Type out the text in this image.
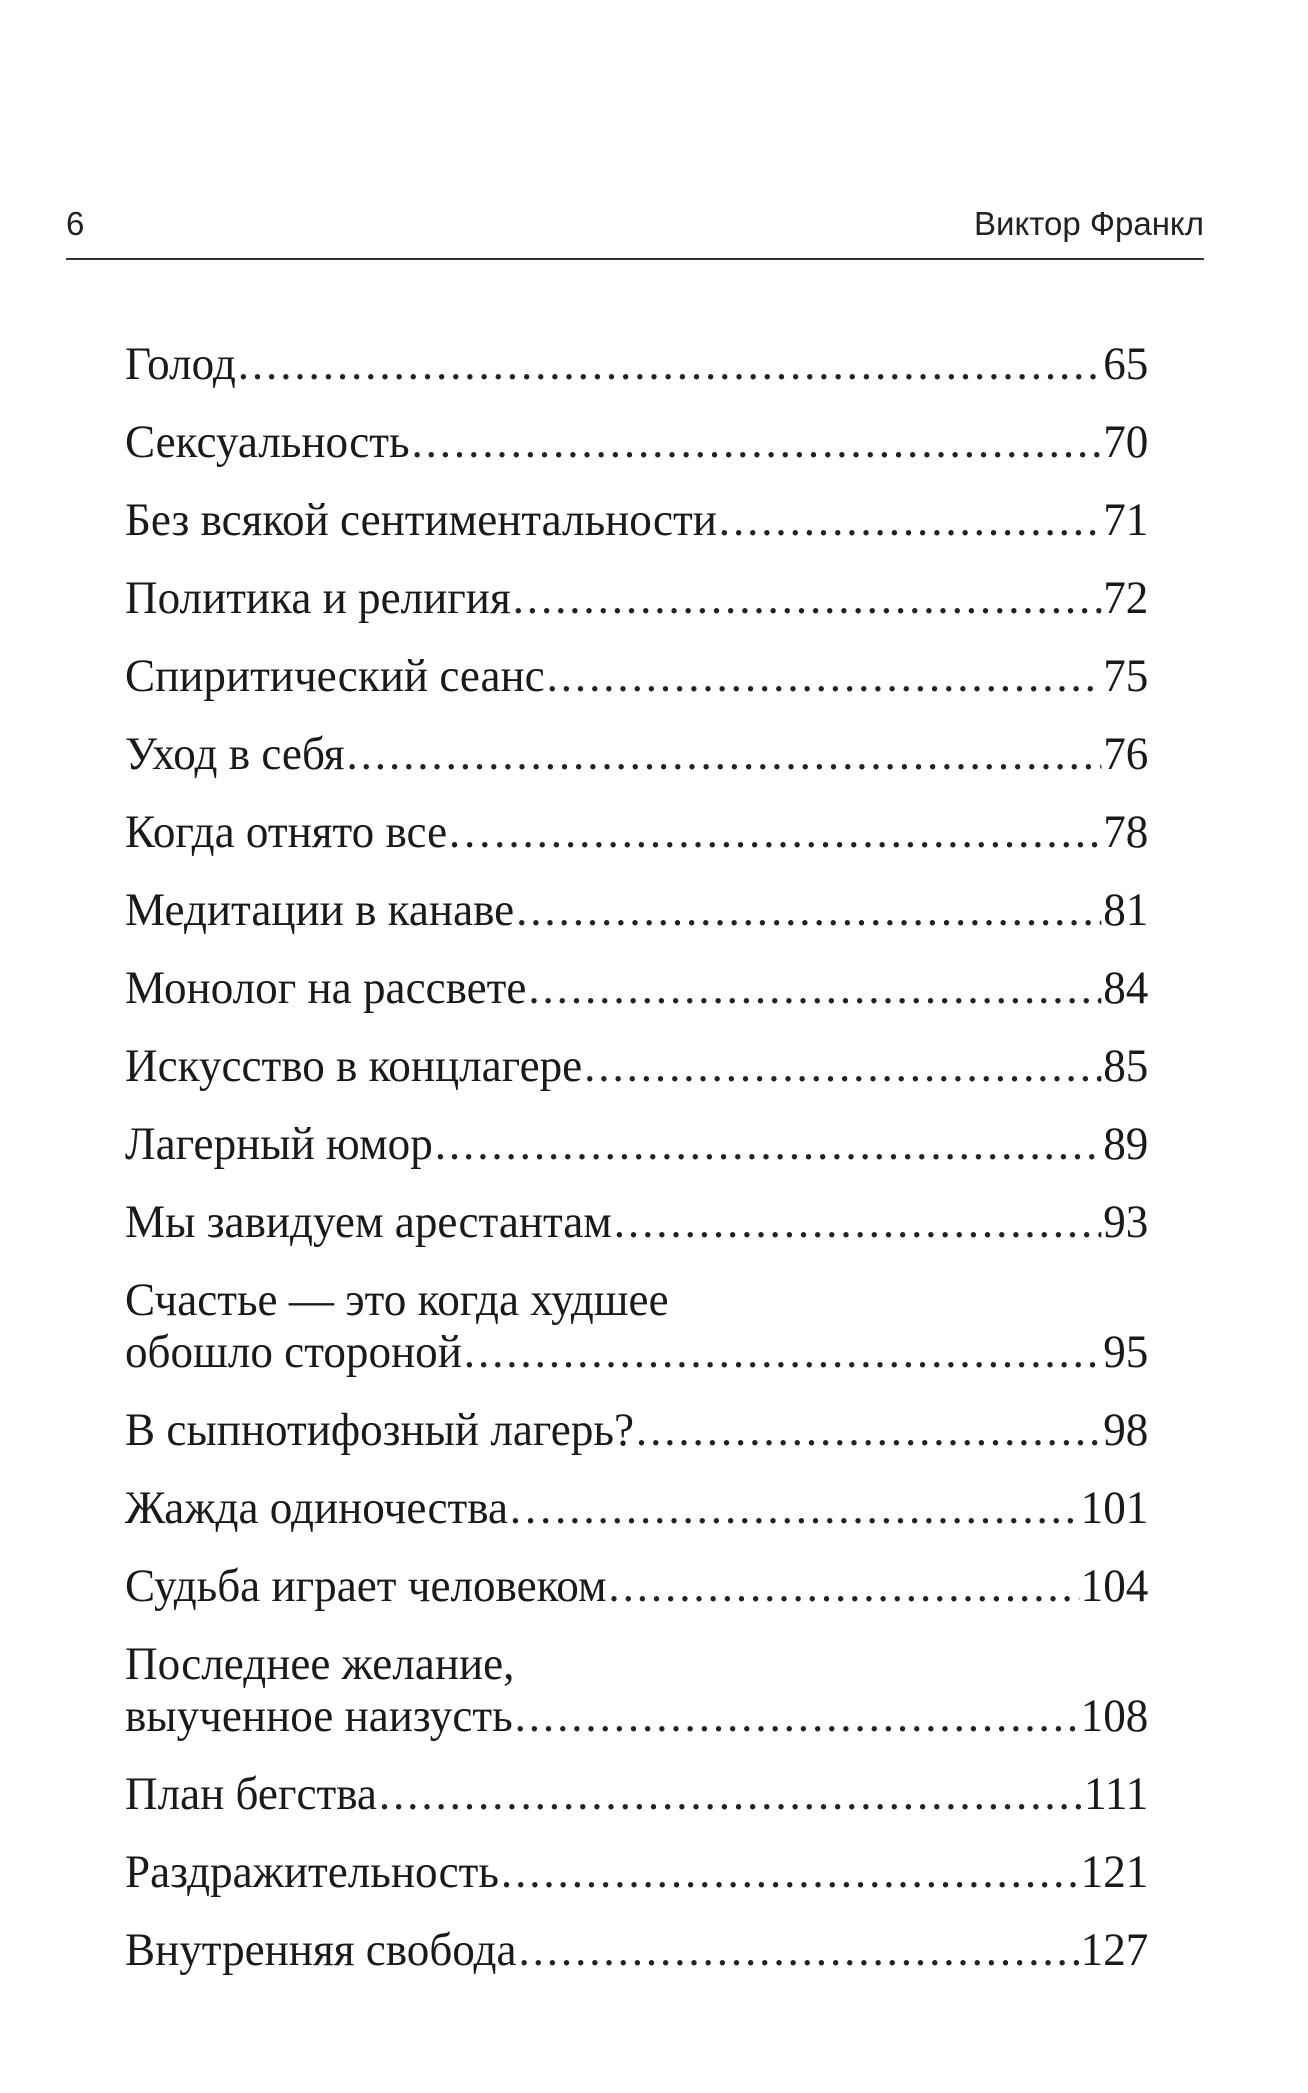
6	Виктор Франкл
Голод .....	65
Сексуальность .....	70
Без всякой сентиментальности .....	71
Политика и религия .....	72
Спиритический сеанс .....	75
Уход в себя .....	76
Когда отнято все… .....	78
Медитации в канаве .....	81
Монолог на рассвете .....	84
Искусство в концлагере .....	85
Лагерный юмор .....	89
Мы завидуем арестантам .....	93
Счастье — это когда худшее
обошло стороной .....	95
В сыпнотифозный лагерь? .....	98
Жажда одиночества… .....	101
Судьба играет человеком .....	104
Последнее желание,
выученное наизусть .....	108
План бегства .....	111
Раздражительность .....	121
Внутренняя свобода .....	127
